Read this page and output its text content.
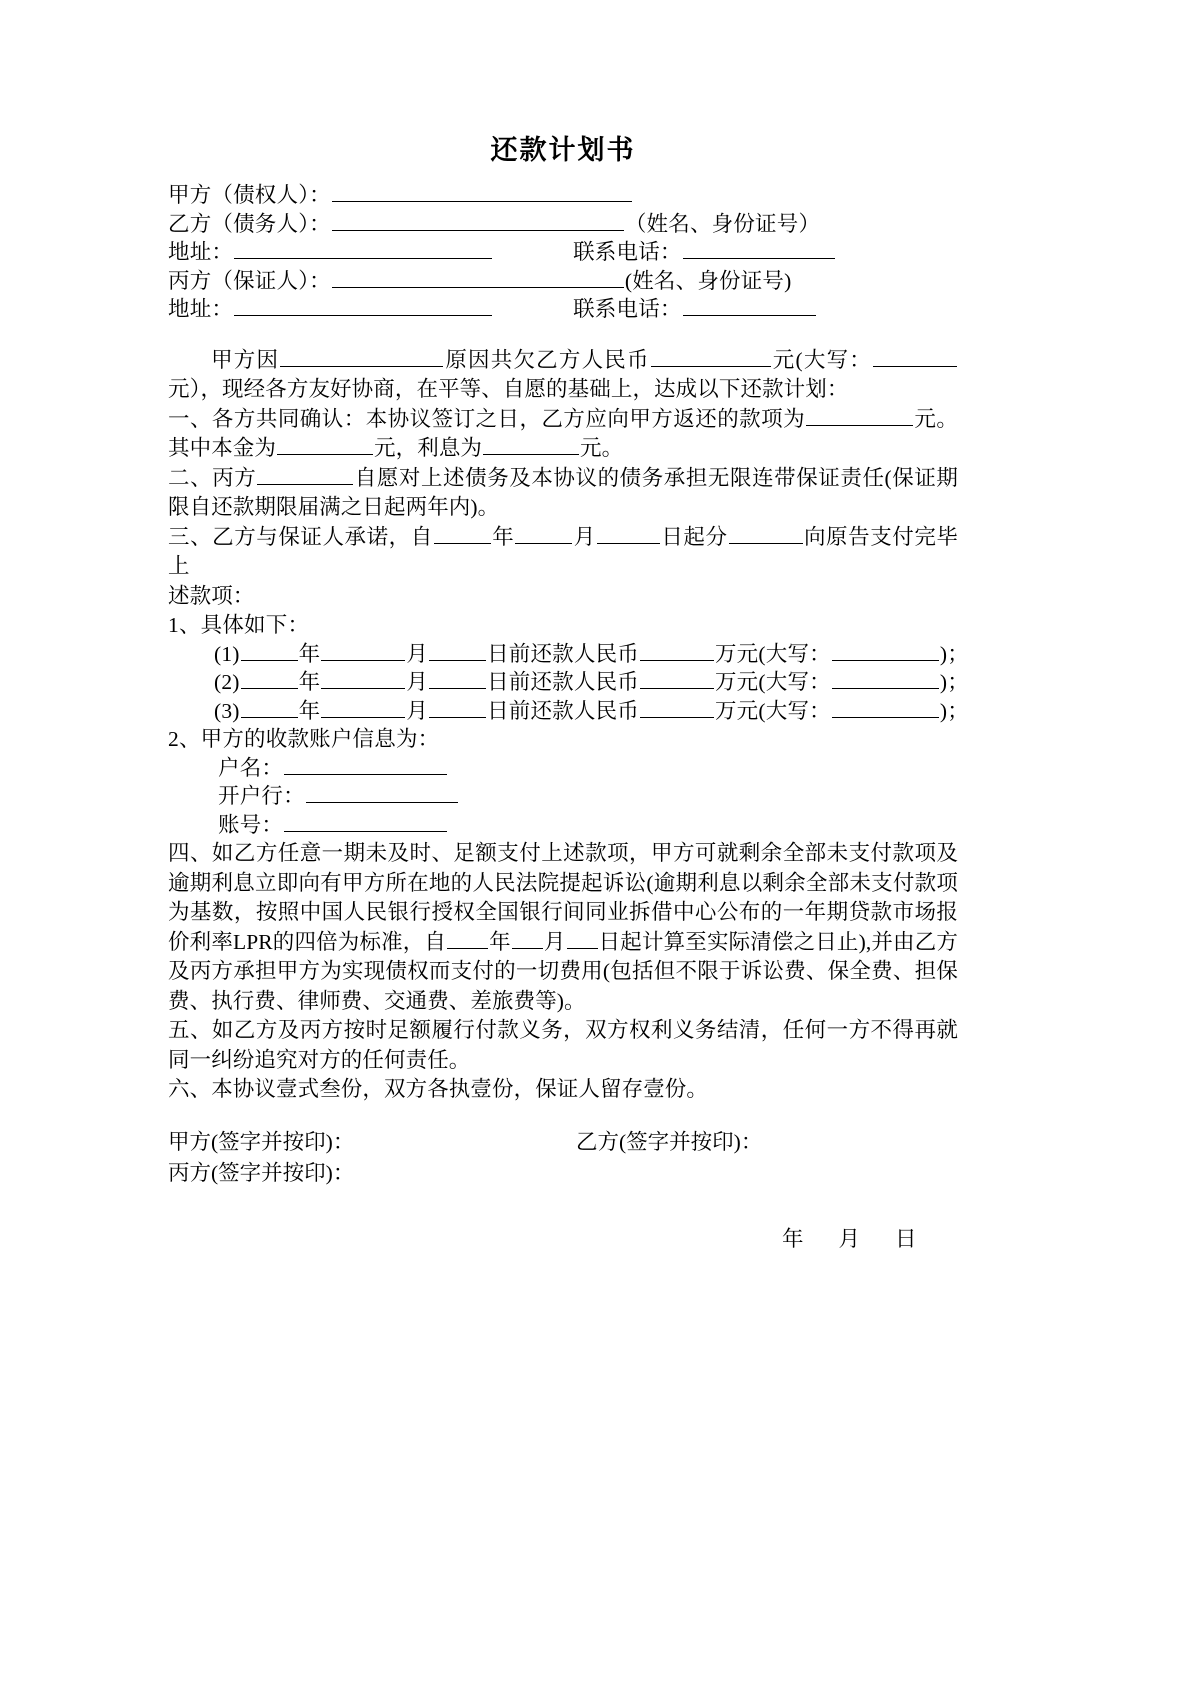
还款计划书
甲方（债权人）：
乙方（债务人）：	（姓名、身份证号）
地址：	联系电话：
丙方（保证人）：	(姓名、身份证号)
地址：	联系电话：
甲方因	原因共欠乙方人民币	元(大写：元），现经各方友好协商，在平等、自愿的基础上，达成以下还款计划：
一、各方共同确认：本协议签订之日，乙方应向甲方返还的款项为	元。其中本金为	元，利息为	元。
二、丙方	自愿对上述债务及本协议的债务承担无限连带保证责任(保证期限自还款期限届满之日起两年内)。
三、乙方与保证人承诺，自	年	月	日起分	向原告支付完毕上
述款项：
1、具体如下：
(1)	年	月	日前还款人民币	万元(大写：	)；
(2)	年	月	日前还款人民币	万元(大写：	)；
(3)	年	月	日前还款人民币	万元(大写：	)；
2、甲方的收款账户信息为：
户名：
开户行：
账号：
四、如乙方任意一期未及时、足额支付上述款项，甲方可就剩余全部未支付款项及逾期利息立即向有甲方所在地的人民法院提起诉讼(逾期利息以剩余全部未支付款项为基数，按照中国人民银行授权全国银行间同业拆借中心公布的一年期贷款市场报价利率LPR的四倍为标准，自 年 月 日起计算至实际清偿之日止),并由乙方及丙方承担甲方为实现债权而支付的一切费用(包括但不限于诉讼费、保全费、担保费、执行费、律师费、交通费、差旅费等)。
五、如乙方及丙方按时足额履行付款义务，双方权利义务结清，任何一方不得再就同一纠纷追究对方的任何责任。
六、本协议壹式叁份，双方各执壹份，保证人留存壹份。
甲方(签字并按印)：	乙方(签字并按印)：
丙方(签字并按印)：
年 月 日
